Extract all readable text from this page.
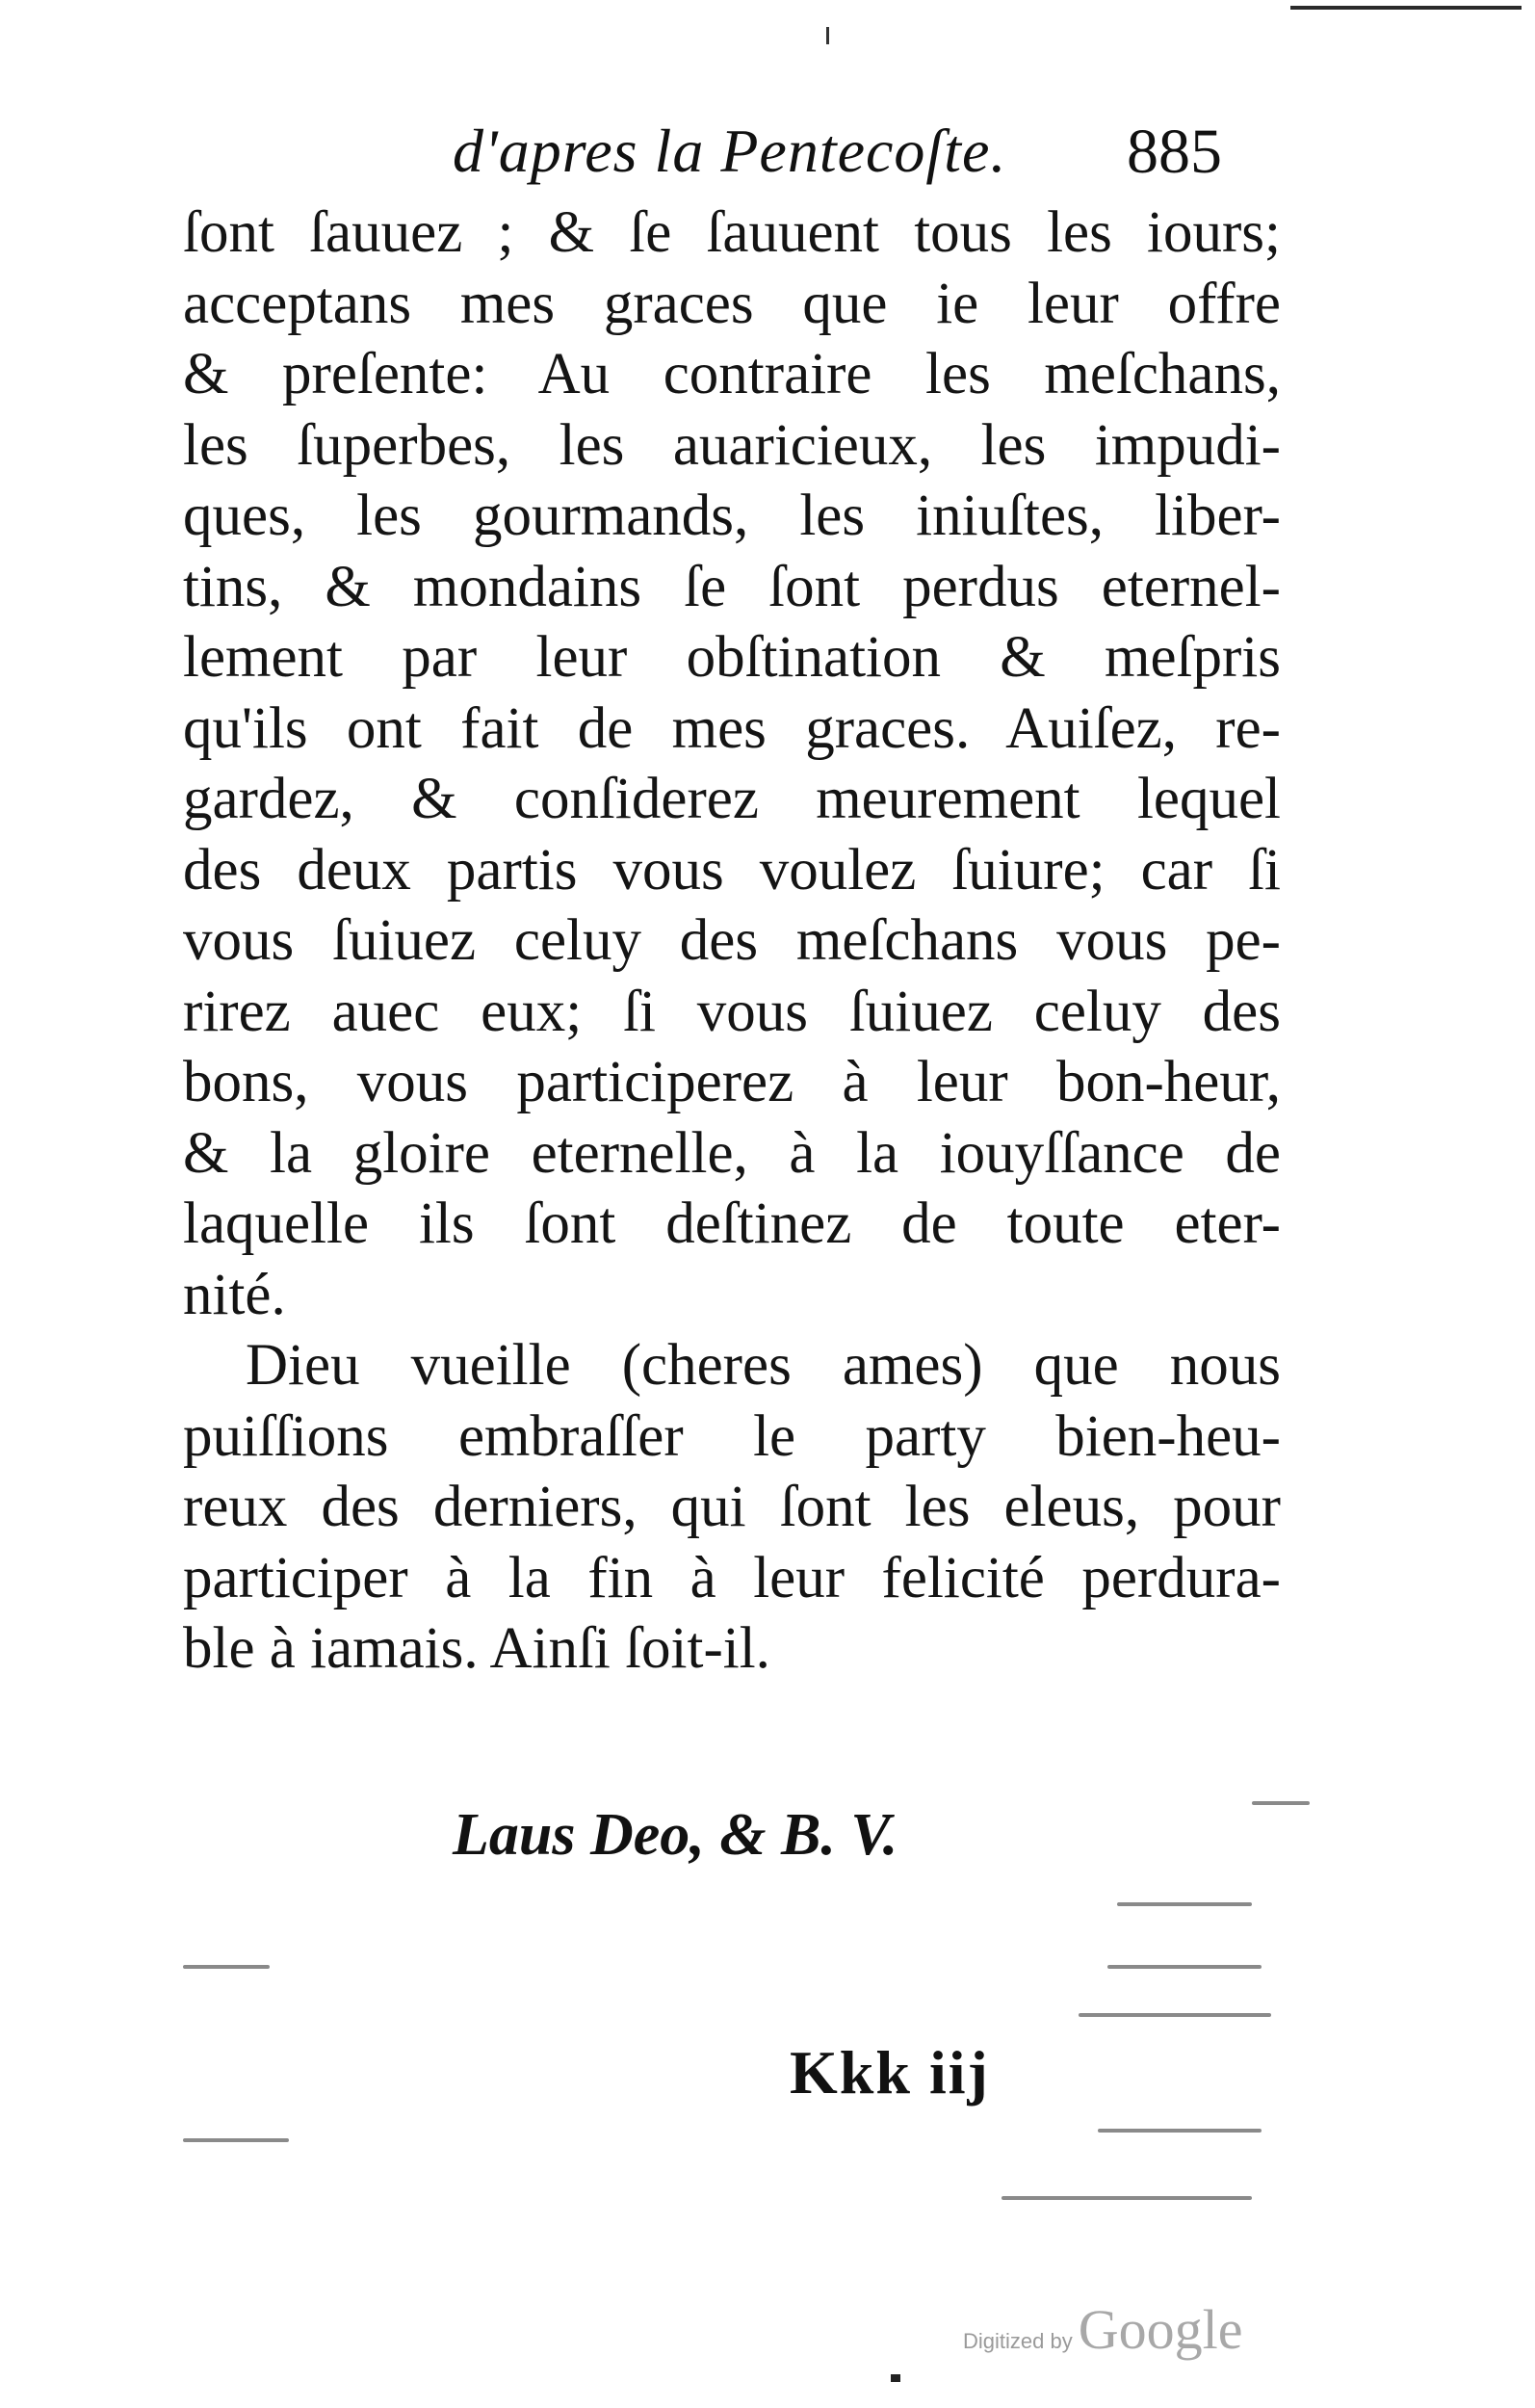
d'apres la Pentecoſte. 885
ſont ſauuez ; & ſe ſauuent tous les iours;
acceptans mes graces que ie leur offre
& preſente: Au contraire les meſchans,
les ſuperbes, les auaricieux, les impudi-
ques, les gourmands, les iniuſtes, liber-
tins, & mondains ſe ſont perdus eternel-
lement par leur obſtination & meſpris
qu'ils ont fait de mes graces. Auiſez, re-
gardez, & conſiderez meurement lequel
des deux partis vous voulez ſuiure; car ſi
vous ſuiuez celuy des meſchans vous pe-
rirez auec eux; ſi vous ſuiuez celuy des
bons, vous participerez à leur bon-heur,
& la gloire eternelle, à la iouyſſance de
laquelle ils ſont deſtinez de toute eter-
nité.
Dieu vueille (cheres ames) que nous
puiſſions embraſſer le party bien-heu-
reux des derniers, qui ſont les eleus, pour
participer à la fin à leur felicité perdura-
ble à iamais. Ainſi ſoit-il.
Laus Deo, & B. V.
Kkk iij
Digitized by Google
